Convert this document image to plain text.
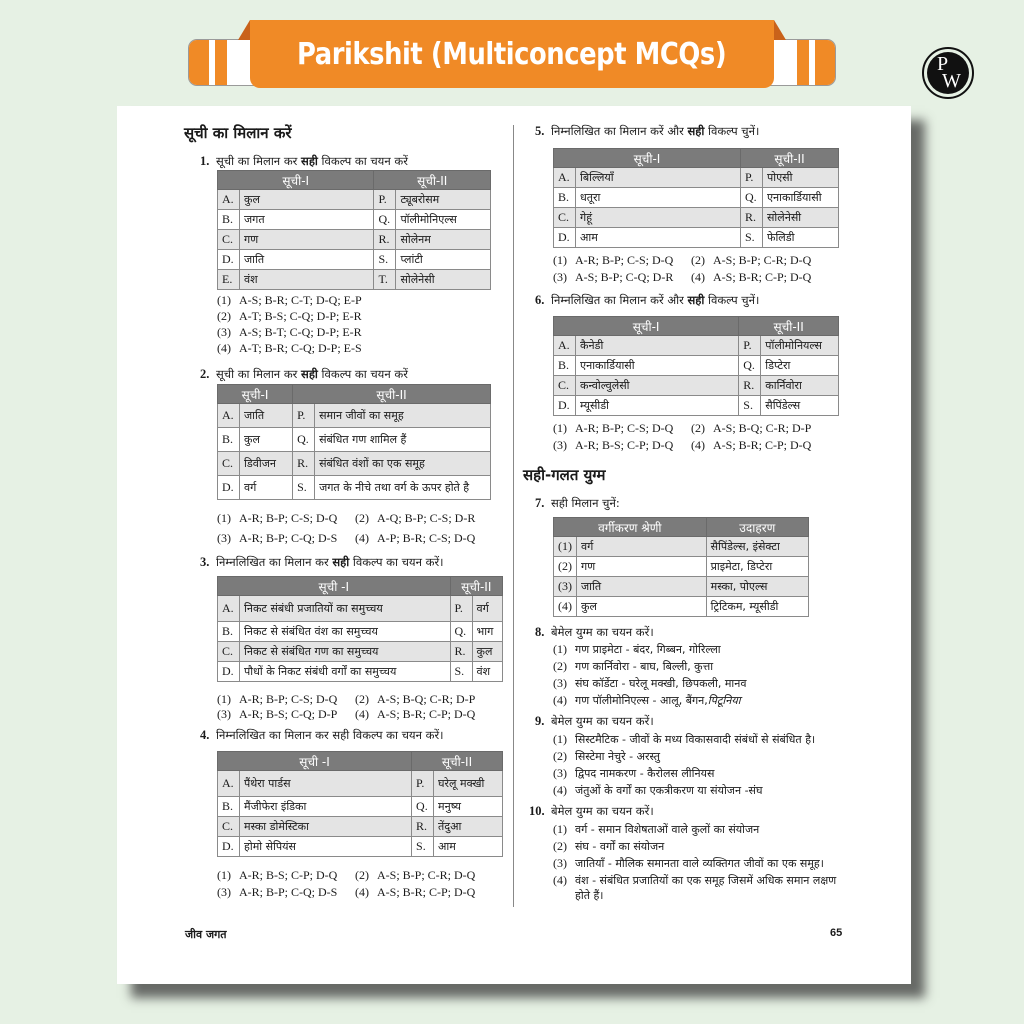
Parikshit (Multiconcept MCQs)	P
W
सूची का मिलान करें
1. सूची का मिलान कर सही विकल्प का चयन करें
सूची-I		सूची-II	
A.	कुल	P.	ट्यूबरोसम
B.	जगत	Q.	पॉलीमोनिएल्स
C.	गण	R.	सोलेनम
D.	जाति	S.	प्लांटी
E.	वंश	T.	सोलेनेसी
(1) A-S; B-R; C-T; D-Q; E-P
(2) A-T; B-S; C-Q; D-P; E-R
(3) A-S; B-T; C-Q; D-P; E-R
(4) A-T; B-R; C-Q; D-P; E-S
2. सूची का मिलान कर सही विकल्प का चयन करें
सूची-I		सूची-II	
A.	जाति	P.	समान जीवों का समूह
B.	कुल	Q.	संबंधित गण शामिल हैं
C.	डिवीजन	R.	संबंधित वंशों का एक समूह
D.	वर्ग	S.	जगत के नीचे तथा वर्ग के ऊपर होते है
(1) A-R; B-P; C-S; D-Q	(2) A-Q; B-P; C-S; D-R
(3) A-R; B-P; C-Q; D-S	(4) A-P; B-R; C-S; D-Q
3. निम्नलिखित का मिलान कर सही विकल्प का चयन करें।
सूची -I		सूची-II	
A.	निकट संबंधी प्रजातियों का समुच्चय	P.	वर्ग
B.	निकट से संबंधित वंश का समुच्चय	Q.	भाग
C.	निकट से संबंधित गण का समुच्चय	R.	कुल
D.	पौधों के निकट संबंधी वर्गों का समुच्चय	S.	वंश
(1) A-R; B-P; C-S; D-Q	(2) A-S; B-Q; C-R; D-P
(3) A-R; B-S; C-Q; D-P	(4) A-S; B-R; C-P; D-Q
4. निम्नलिखित का मिलान कर सही विकल्प का चयन करें।
सूची -I		सूची-II	
A.	पैंथेरा पार्डस	P.	घरेलू मक्खी
B.	मैंजीफेरा इंडिका	Q.	मनुष्य
C.	मस्का डोमेस्टिका	R.	तेंदुआ
D.	होमो सेपियंस	S.	आम
(1) A-R; B-S; C-P; D-Q	(2) A-S; B-P; C-R; D-Q
(3) A-R; B-P; C-Q; D-S	(4) A-S; B-R; C-P; D-Q
5. निम्नलिखित का मिलान करें और सही विकल्प चुनें।
सूची-I		सूची-II	
A.	बिल्लियाँ	P.	पोएसी
B.	धतूरा	Q.	एनाकार्डियासी
C.	गेहूं	R.	सोलेनेसी
D.	आम	S.	फेलिडी
(1) A-R; B-P; C-S; D-Q	(2) A-S; B-P; C-R; D-Q
(3) A-S; B-P; C-Q; D-R	(4) A-S; B-R; C-P; D-Q
6. निम्नलिखित का मिलान करें और सही विकल्प चुनें।
सूची-I		सूची-II	
A.	कैनेडी	P.	पॉलीमोनियल्स
B.	एनाकार्डियासी	Q.	डिप्टेरा
C.	कन्वोल्वुलेसी	R.	कार्निवोरा
D.	म्यूसीडी	S.	सैपिंडेल्स
(1) A-R; B-P; C-S; D-Q	(2) A-S; B-Q; C-R; D-P
(3) A-R; B-S; C-P; D-Q	(4) A-S; B-R; C-P; D-Q
सही-गलत युग्म
7. सही मिलान चुनें:
वर्गीकरण श्रेणी		उदाहरण
(1)	वर्ग	सैपिंडेल्स, इंसेक्टा
(2)	गण	प्राइमेटा, डिप्टेरा
(3)	जाति	मस्का, पोएल्स
(4)	कुल	ट्रिटिकम, म्यूसीडी
8. बेमेल युग्म का चयन करें।
(1) गण प्राइमेटा - बंदर, गिब्बन, गोरिल्ला
(2) गण कार्निवोरा - बाघ, बिल्ली, कुत्ता
(3) संघ कॉर्डेटा - घरेलू मक्खी, छिपकली, मानव
(4) गण पॉलीमोनिएल्स - आलू, बैंगन, पिटूनिया
9. बेमेल युग्म का चयन करें।
(1) सिस्टमैटिक - जीवों के मध्य विकासवादी संबंधों से संबंधित है।
(2) सिस्टेमा नेचुरे - अरस्तु
(3) द्विपद नामकरण - कैरोलस लीनियस
(4) जंतुओं के वर्गों का एकत्रीकरण या संयोजन -संघ
10. बेमेल युग्म का चयन करें।
(1) वर्ग - समान विशेषताओं वाले कुलों का संयोजन
(2) संघ - वर्गों का संयोजन
(3) जातियाँ - मौलिक समानता वाले व्यक्तिगत जीवों का एक समूह।
(4) वंश - संबंधित प्रजातियों का एक समूह जिसमें अधिक समान लक्षण होते हैं।
जीव जगत	65
